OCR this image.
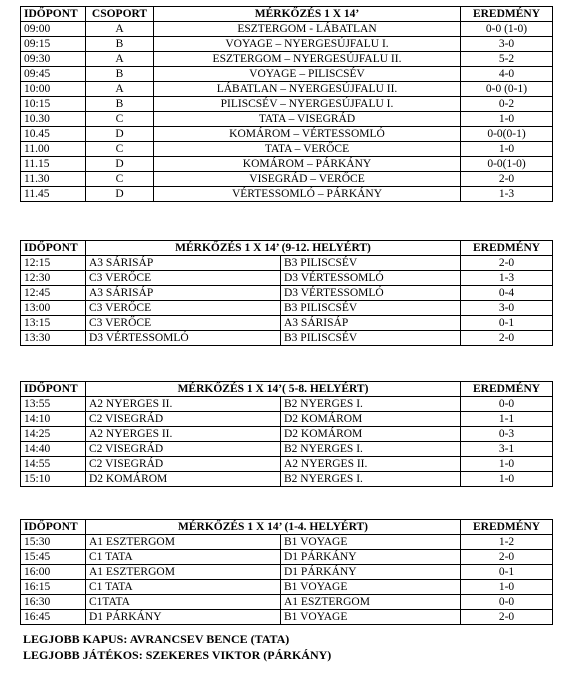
IDŐPONT	CSOPORT	MÉRKŐZÉS 1 X 14’	EREDMÉNY
09:00	A	ESZTERGOM - LÁBATLAN	0-0 (1-0)
09:15	B	VOYAGE – NYERGESÚJFALU I.	3-0
09:30	A	ESZTERGOM – NYERGESÚJFALU II.	5-2
09:45	B	VOYAGE – PILISCSÉV	4-0
10:00	A	LÁBATLAN – NYERGESÚJFALU II.	0-0 (0-1)
10:15	B	PILISCSÉV – NYERGESÚJFALU I.	0-2
10.30	C	TATA – VISEGRÁD	1-0
10.45	D	KOMÁROM – VÉRTESSOMLÓ	0-0(0-1)
11.00	C	TATA – VERŐCE	1-0
11.15	D	KOMÁROM – PÁRKÁNY	0-0(1-0)
11.30	C	VISEGRÁD – VERŐCE	2-0
11.45	D	VÉRTESSOMLÓ – PÁRKÁNY	1-3
IDŐPONT	MÉRKŐZÉS 1 X 14’ (9-12. HELYÉRT)		EREDMÉNY
12:15	A3 SÁRISÁP	B3 PILISCSÉV	2-0
12:30	C3 VERŐCE	D3 VÉRTESSOMLÓ	1-3
12:45	A3 SÁRISÁP	D3 VÉRTESSOMLÓ	0-4
13:00	C3 VERŐCE	B3 PILISCSÉV	3-0
13:15	C3 VERŐCE	A3 SÁRISÁP	0-1
13:30	D3 VÉRTESSOMLÓ	B3 PILISCSÉV	2-0
IDŐPONT	MÉRKŐZÉS 1 X 14’( 5-8. HELYÉRT)		EREDMÉNY
13:55	A2 NYERGES II.	B2 NYERGES I.	0-0
14:10	C2 VISEGRÁD	D2 KOMÁROM	1-1
14:25	A2 NYERGES II.	D2 KOMÁROM	0-3
14:40	C2 VISEGRÁD	B2 NYERGES I.	3-1
14:55	C2 VISEGRÁD	A2 NYERGES II.	1-0
15:10	D2 KOMÁROM	B2 NYERGES I.	1-0
IDŐPONT	MÉRKŐZÉS 1 X 14’ (1-4. HELYÉRT)		EREDMÉNY
15:30	A1 ESZTERGOM	B1 VOYAGE	1-2
15:45	C1 TATA	D1 PÁRKÁNY	2-0
16:00	A1 ESZTERGOM	D1 PÁRKÁNY	0-1
16:15	C1 TATA	B1 VOYAGE	1-0
16:30	C1TATA	A1 ESZTERGOM	0-0
16:45	D1 PÁRKÁNY	B1 VOYAGE	2-0
LEGJOBB KAPUS: AVRANCSEV BENCE (TATA)
LEGJOBB JÁTÉKOS: SZEKERES VIKTOR (PÁRKÁNY)
